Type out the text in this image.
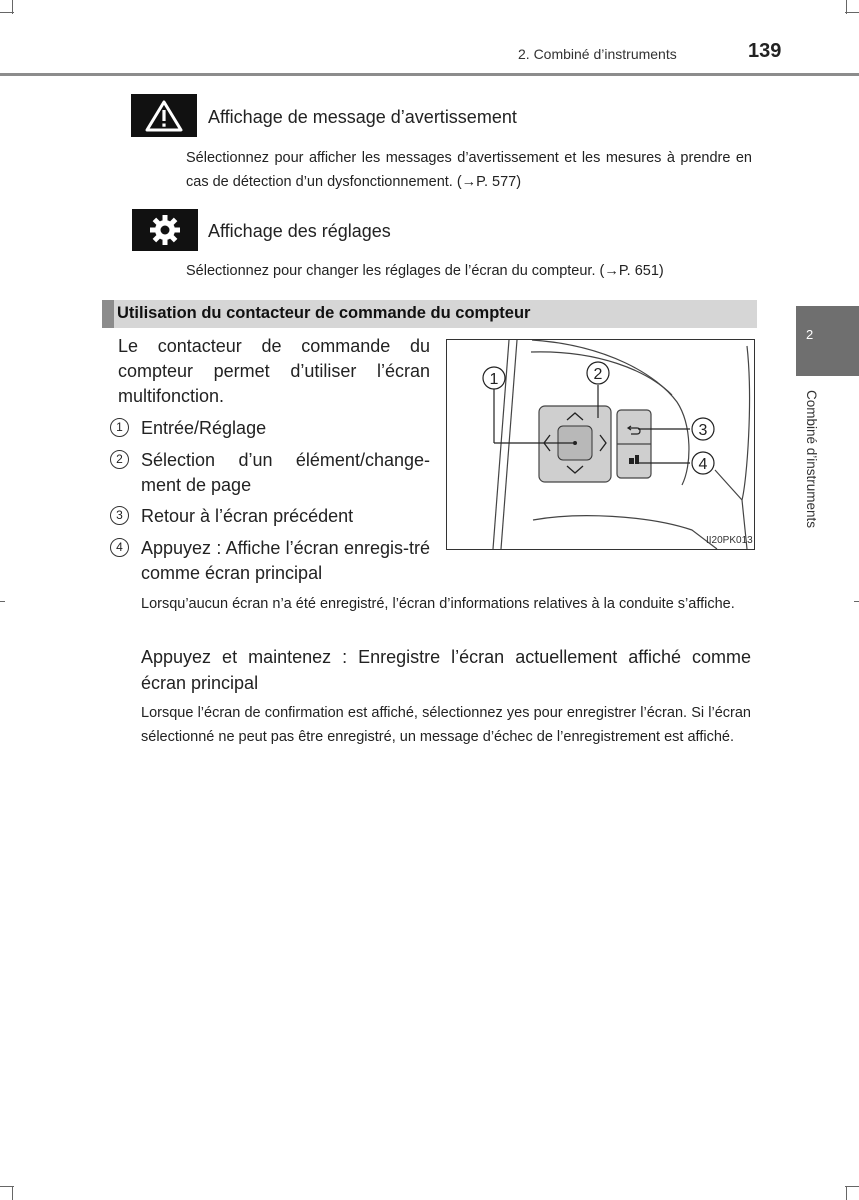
2. Combiné d’instruments	139
2
Combiné d’instruments
Affichage de message d’avertissement
Sélectionnez pour afficher les messages d’avertissement et les mesures à prendre en cas de détection d’un dysfonctionnement. (→P. 577)
Affichage des réglages
Sélectionnez pour changer les réglages de l’écran du compteur. (→P. 651)
Utilisation du contacteur de commande du compteur
Le contacteur de commande du compteur permet d’utiliser l’écran multifonction.
1	Entrée/Réglage
2	Sélection d’un élément/change-ment de page
3	Retour à l’écran précédent
4	Appuyez : Affiche l’écran enregis-tré comme écran principal
Lorsqu’aucun écran n’a été enregistré, l’écran d’informations relatives à la conduite s’affiche.
Appuyez et maintenez : Enregistre l’écran actuellement affiché comme écran principal
Lorsque l’écran de confirmation est affiché, sélectionnez yes pour enregistrer l’écran. Si l’écran sélectionné ne peut pas être enregistré, un message d’échec de l’enregistrement est affiché.
1	2
3
4
II20PK013
